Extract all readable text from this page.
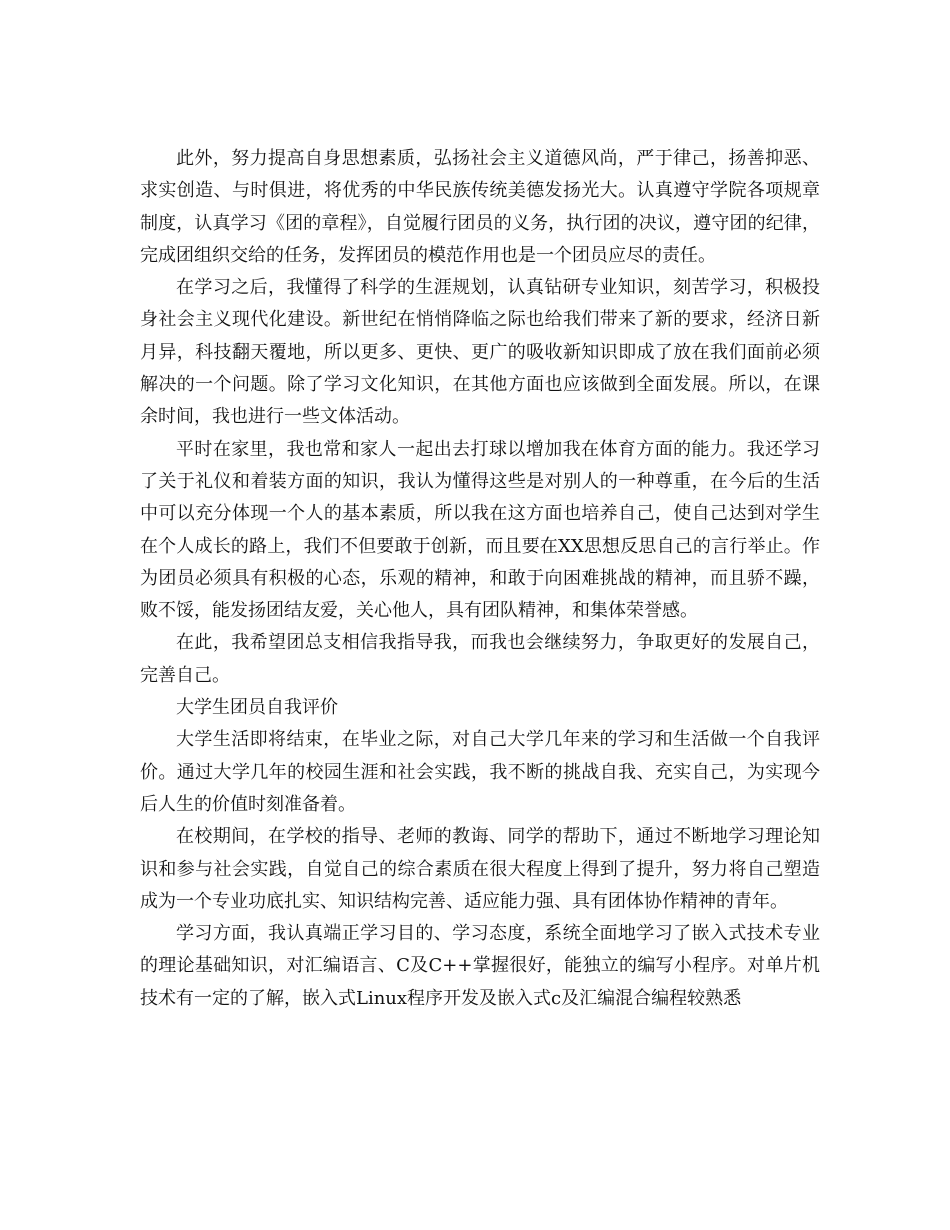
此外，努力提高自身思想素质，弘扬社会主义道德风尚，严于律己，扬善抑恶、求实创造、与时俱进，将优秀的中华民族传统美德发扬光大。认真遵守学院各项规章制度，认真学习《团的章程》，自觉履行团员的义务，执行团的决议，遵守团的纪律，完成团组织交给的任务，发挥团员的模范作用也是一个团员应尽的责任。

在学习之后，我懂得了科学的生涯规划，认真钻研专业知识，刻苦学习，积极投身社会主义现代化建设。新世纪在悄悄降临之际也给我们带来了新的要求，经济日新月异，科技翻天覆地，所以更多、更快、更广的吸收新知识即成了放在我们面前必须解决的一个问题。除了学习文化知识，在其他方面也应该做到全面发展。所以，在课余时间，我也进行一些文体活动。

平时在家里，我也常和家人一起出去打球以增加我在体育方面的能力。我还学习了关于礼仪和着装方面的知识，我认为懂得这些是对别人的一种尊重，在今后的生活中可以充分体现一个人的基本素质，所以我在这方面也培养自己，使自己达到对学生在个人成长的路上，我们不但要敢于创新，而且要在XX思想反思自己的言行举止。作为团员必须具有积极的心态，乐观的精神，和敢于向困难挑战的精神，而且骄不躁，败不馁，能发扬团结友爱，关心他人，具有团队精神，和集体荣誉感。

在此，我希望团总支相信我指导我，而我也会继续努力，争取更好的发展自己，完善自己。

大学生团员自我评价

大学生活即将结束，在毕业之际，对自己大学几年来的学习和生活做一个自我评价。通过大学几年的校园生涯和社会实践，我不断的挑战自我、充实自己，为实现今后人生的价值时刻准备着。

在校期间，在学校的指导、老师的教诲、同学的帮助下，通过不断地学习理论知识和参与社会实践，自觉自己的综合素质在很大程度上得到了提升，努力将自己塑造成为一个专业功底扎实、知识结构完善、适应能力强、具有团体协作精神的青年。

学习方面，我认真端正学习目的、学习态度，系统全面地学习了嵌入式技术专业的理论基础知识，对汇编语言、C及C++掌握很好，能独立的编写小程序。对单片机技术有一定的了解，嵌入式Linux程序开发及嵌入式c及汇编混合编程较熟悉
